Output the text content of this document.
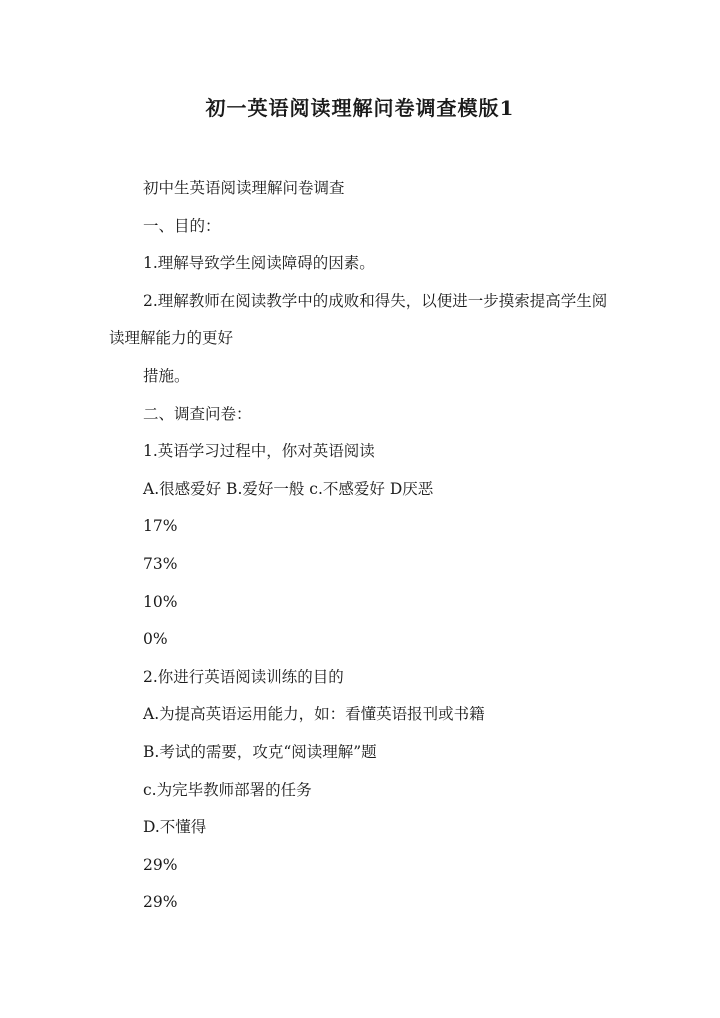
初一英语阅读理解问卷调查模版1

初中生英语阅读理解问卷调查

一、目的：

1.理解导致学生阅读障碍的因素。

2.理解教师在阅读教学中的成败和得失，以便进一步摸索提高学生阅读理解能力的更好

措施。

二、调查问卷：

1.英语学习过程中，你对英语阅读

A.很感爱好 B.爱好一般 c.不感爱好 D厌恶

17%

73%

10%

0%

2.你进行英语阅读训练的目的

A.为提高英语运用能力，如：看懂英语报刊或书籍

B.考试的需要，攻克“阅读理解”题

c.为完毕教师部署的任务

D.不懂得

29%

29%
